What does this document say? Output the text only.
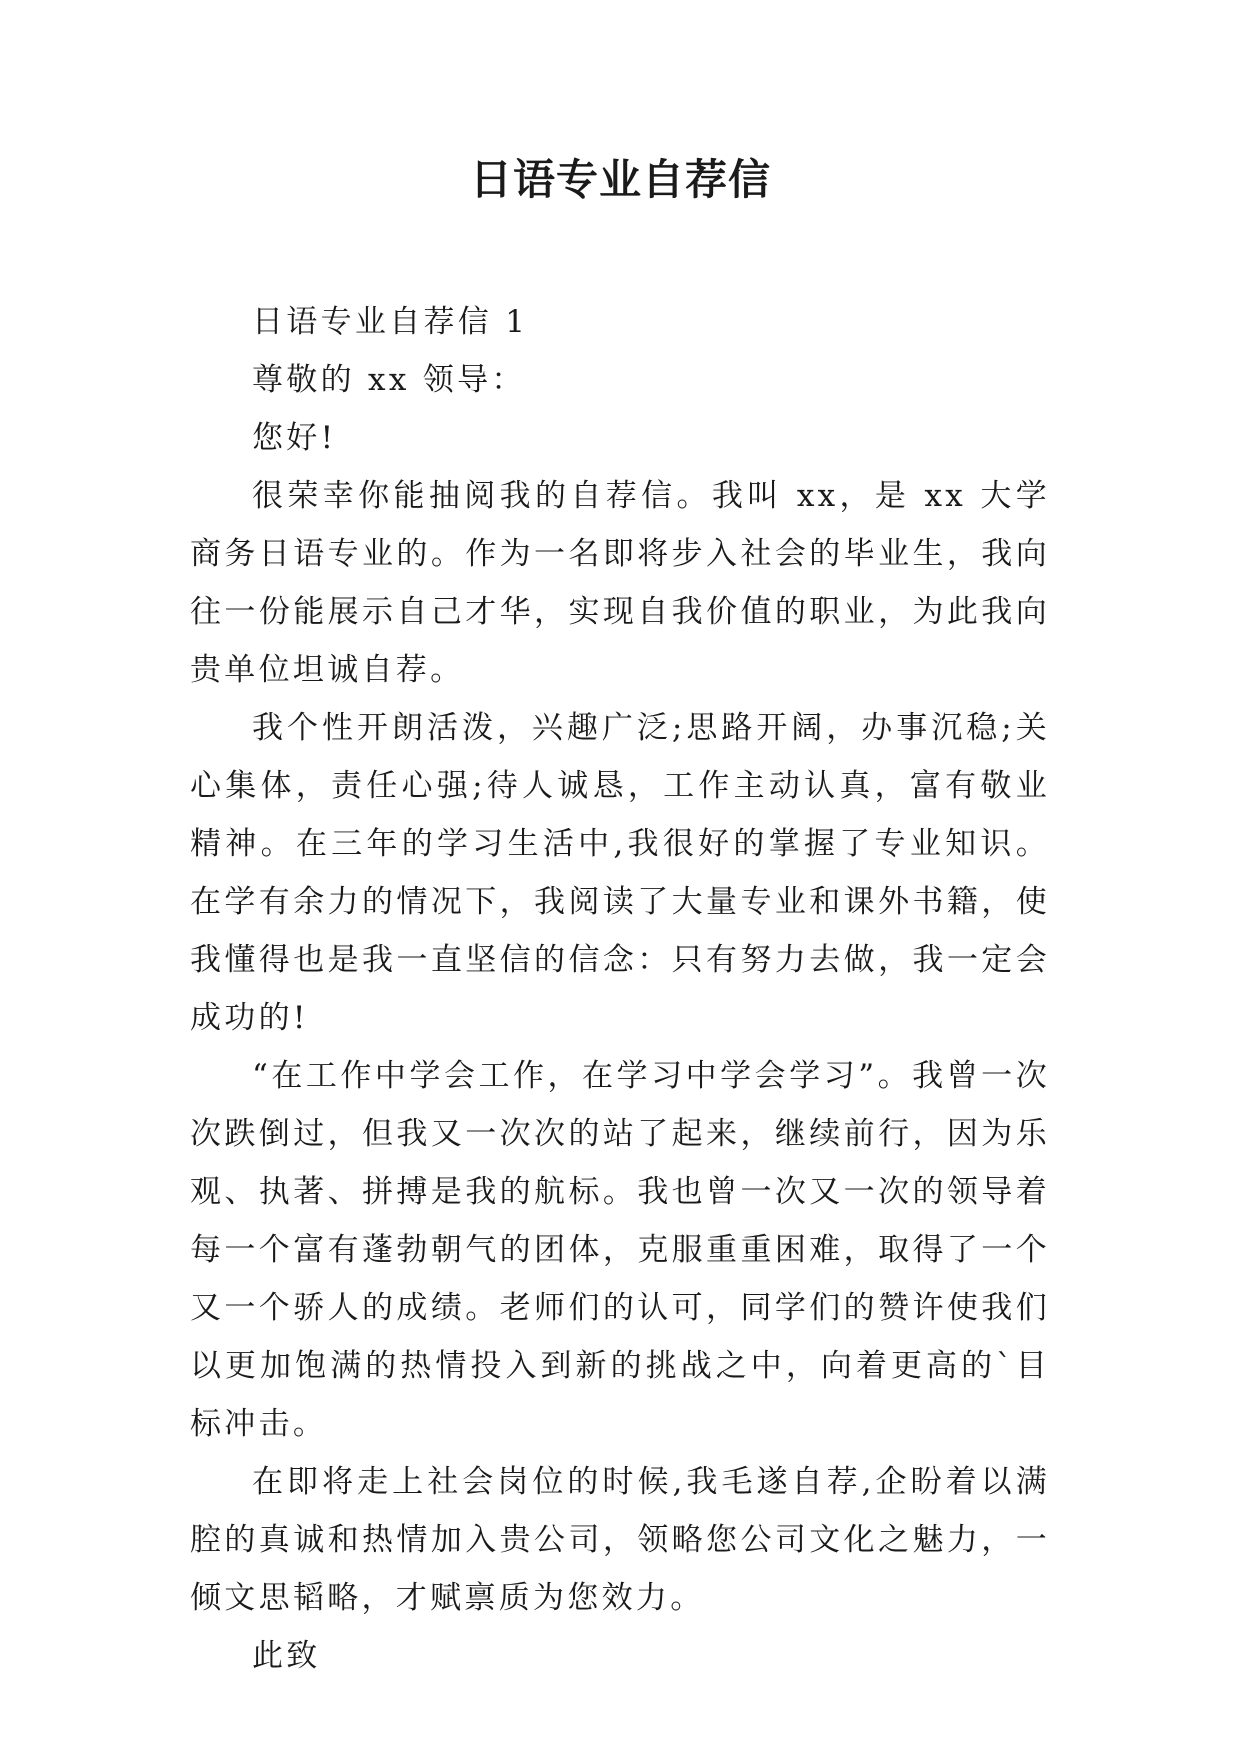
日语专业自荐信

日语专业自荐信 1

尊敬的 xx 领导：

您好!

很荣幸你能抽阅我的自荐信。我叫 xx，是 xx 大学商务日语专业的。作为一名即将步入社会的毕业生，我向往一份能展示自己才华，实现自我价值的职业，为此我向贵单位坦诚自荐。

我个性开朗活泼，兴趣广泛;思路开阔，办事沉稳;关心集体，责任心强;待人诚恳，工作主动认真，富有敬业精神。在三年的学习生活中,我很好的掌握了专业知识。在学有余力的情况下，我阅读了大量专业和课外书籍，使我懂得也是我一直坚信的信念：只有努力去做，我一定会成功的!

“在工作中学会工作，在学习中学会学习”。我曾一次次跌倒过，但我又一次次的站了起来，继续前行，因为乐观、执著、拼搏是我的航标。我也曾一次又一次的领导着每一个富有蓬勃朝气的团体，克服重重困难，取得了一个又一个骄人的成绩。老师们的认可，同学们的赞许使我们以更加饱满的热情投入到新的挑战之中，向着更高的`目标冲击。

在即将走上社会岗位的时候,我毛遂自荐,企盼着以满腔的真诚和热情加入贵公司，领略您公司文化之魅力，一倾文思韬略，才赋禀质为您效力。

此致
